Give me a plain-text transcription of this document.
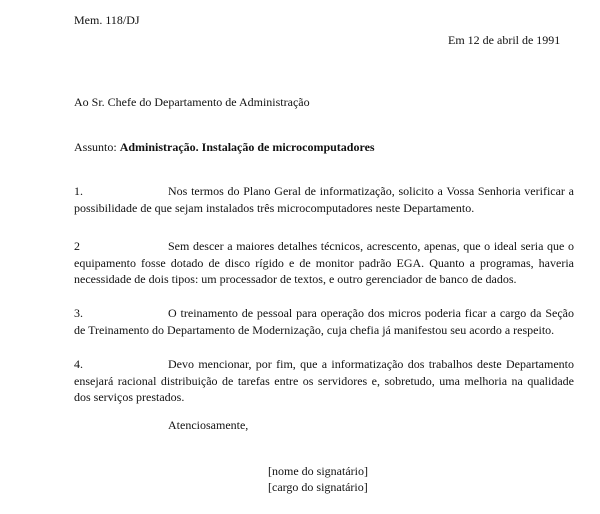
Mem. 118/DJ
Em 12 de abril de 1991
Ao Sr. Chefe do Departamento de Administração
Assunto: Administração. Instalação de microcomputadores
1.	Nos termos do Plano Geral de informatização, solicito a Vossa Senhoria verificar a possibilidade de que sejam instalados três microcomputadores neste Departamento.
2	Sem descer a maiores detalhes técnicos, acrescento, apenas, que o ideal seria que o equipamento fosse dotado de disco rígido e de monitor padrão EGA. Quanto a programas, haveria necessidade de dois tipos: um processador de textos, e outro gerenciador de banco de dados.
3.	O treinamento de pessoal para operação dos micros poderia ficar a cargo da Seção de Treinamento do Departamento de Modernização, cuja chefia já manifestou seu acordo a respeito.
4.	Devo mencionar, por fim, que a informatização dos trabalhos deste Departamento ensejará racional distribuição de tarefas entre os servidores e, sobretudo, uma melhoria na qualidade dos serviços prestados.
Atenciosamente,
[nome do signatário]
[cargo do signatário]
